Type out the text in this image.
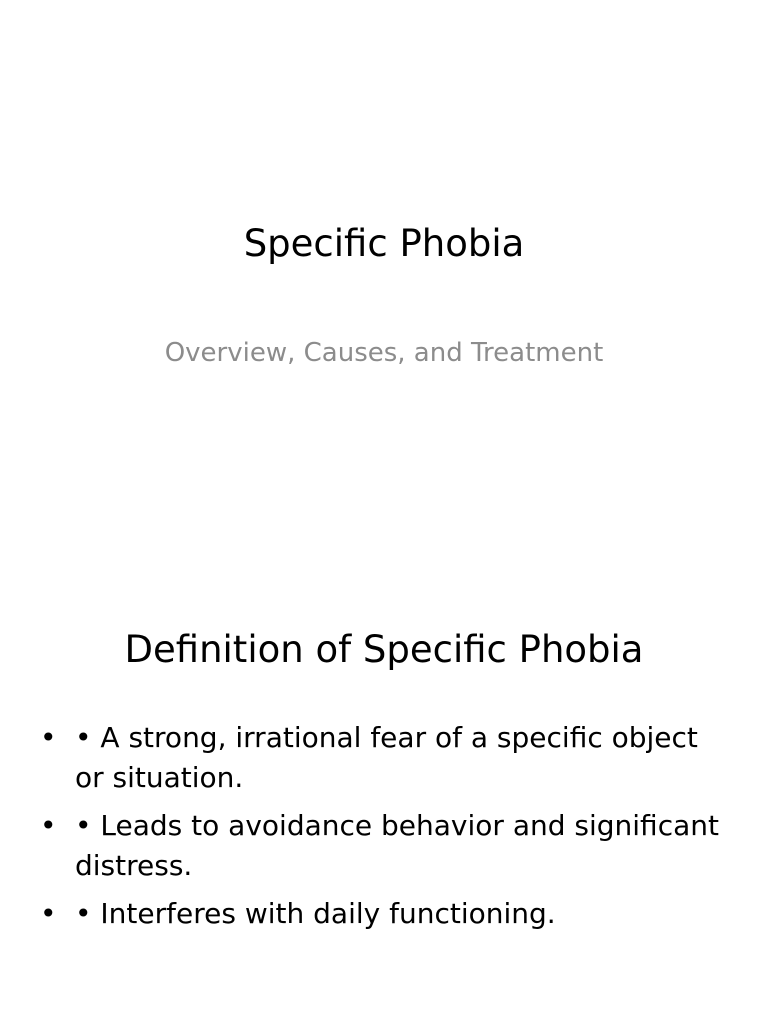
Specific Phobia
Overview, Causes, and Treatment
Definition of Specific Phobia
• • A strong, irrational fear of a specific object or situation.
• • Leads to avoidance behavior and significant distress.
• • Interferes with daily functioning.
